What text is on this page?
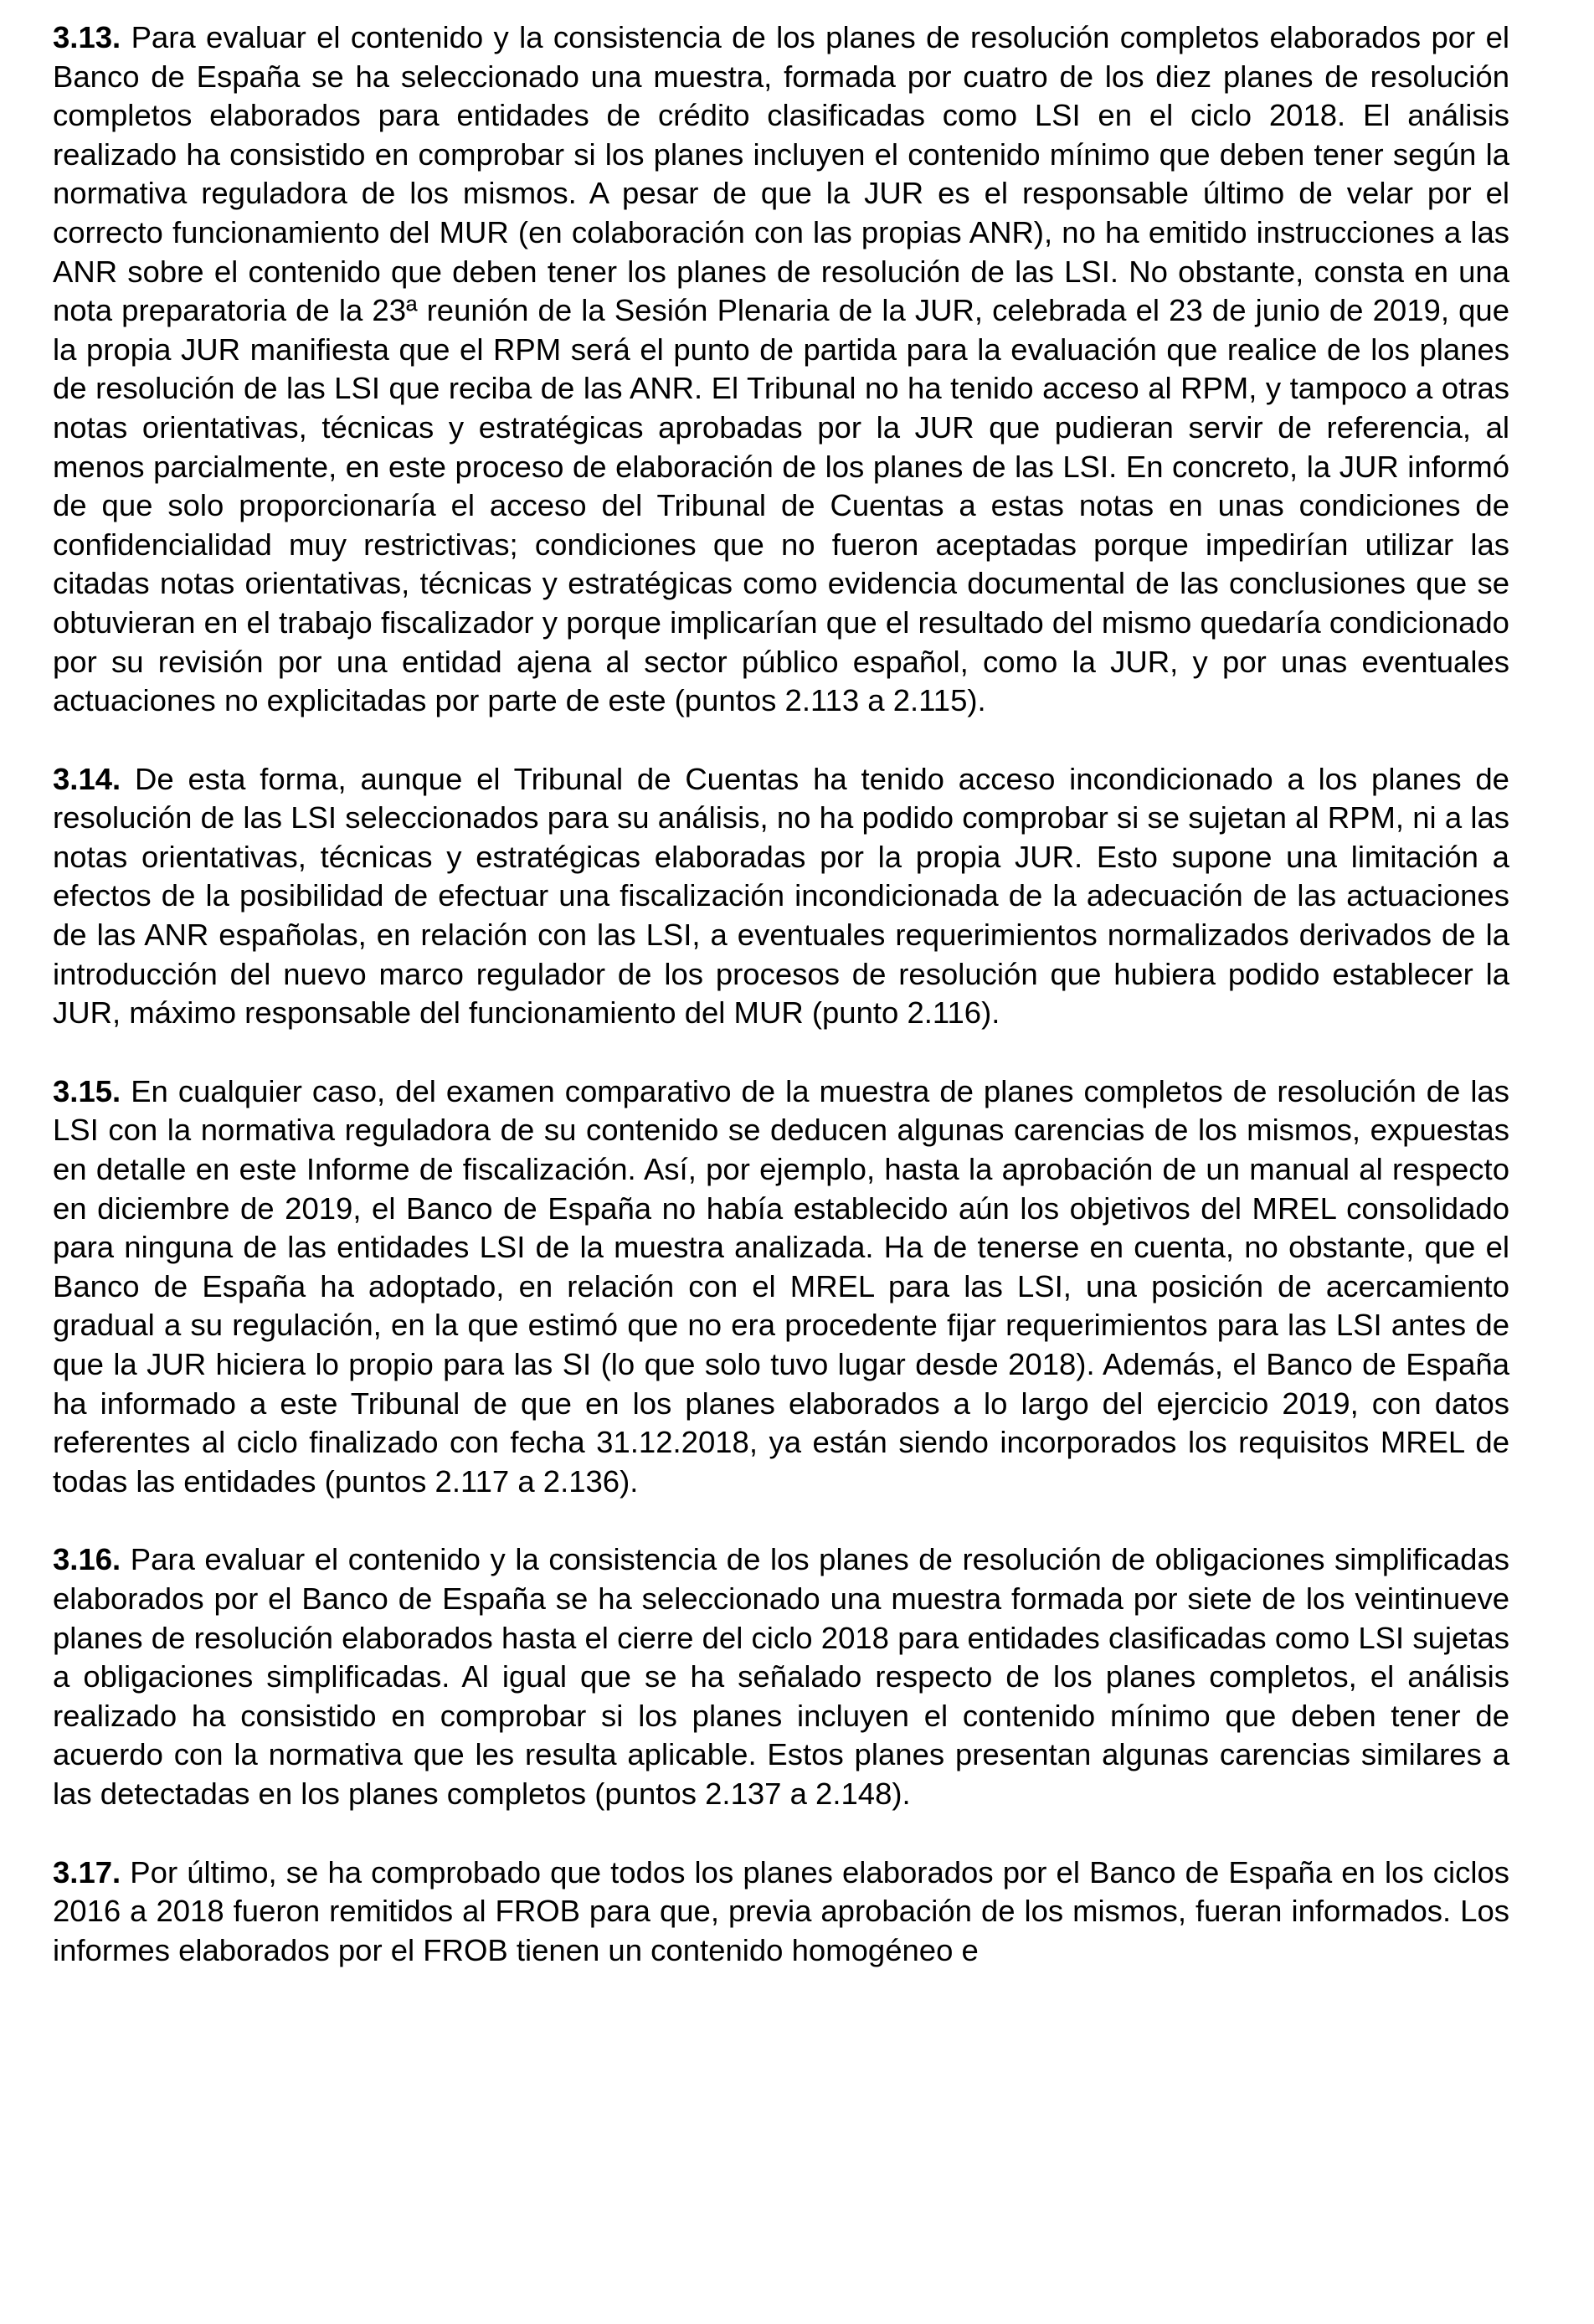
3.13. Para evaluar el contenido y la consistencia de los planes de resolución completos elaborados por el Banco de España se ha seleccionado una muestra, formada por cuatro de los diez planes de resolución completos elaborados para entidades de crédito clasificadas como LSI en el ciclo 2018. El análisis realizado ha consistido en comprobar si los planes incluyen el contenido mínimo que deben tener según la normativa reguladora de los mismos. A pesar de que la JUR es el responsable último de velar por el correcto funcionamiento del MUR (en colaboración con las propias ANR), no ha emitido instrucciones a las ANR sobre el contenido que deben tener los planes de resolución de las LSI. No obstante, consta en una nota preparatoria de la 23ª reunión de la Sesión Plenaria de la JUR, celebrada el 23 de junio de 2019, que la propia JUR manifiesta que el RPM será el punto de partida para la evaluación que realice de los planes de resolución de las LSI que reciba de las ANR. El Tribunal no ha tenido acceso al RPM, y tampoco a otras notas orientativas, técnicas y estratégicas aprobadas por la JUR que pudieran servir de referencia, al menos parcialmente, en este proceso de elaboración de los planes de las LSI. En concreto, la JUR informó de que solo proporcionaría el acceso del Tribunal de Cuentas a estas notas en unas condiciones de confidencialidad muy restrictivas; condiciones que no fueron aceptadas porque impedirían utilizar las citadas notas orientativas, técnicas y estratégicas como evidencia documental de las conclusiones que se obtuvieran en el trabajo fiscalizador y porque implicarían que el resultado del mismo quedaría condicionado por su revisión por una entidad ajena al sector público español, como la JUR, y por unas eventuales actuaciones no explicitadas por parte de este (puntos 2.113 a 2.115).

3.14. De esta forma, aunque el Tribunal de Cuentas ha tenido acceso incondicionado a los planes de resolución de las LSI seleccionados para su análisis, no ha podido comprobar si se sujetan al RPM, ni a las notas orientativas, técnicas y estratégicas elaboradas por la propia JUR. Esto supone una limitación a efectos de la posibilidad de efectuar una fiscalización incondicionada de la adecuación de las actuaciones de las ANR españolas, en relación con las LSI, a eventuales requerimientos normalizados derivados de la introducción del nuevo marco regulador de los procesos de resolución que hubiera podido establecer la JUR, máximo responsable del funcionamiento del MUR (punto 2.116).

3.15. En cualquier caso, del examen comparativo de la muestra de planes completos de resolución de las LSI con la normativa reguladora de su contenido se deducen algunas carencias de los mismos, expuestas en detalle en este Informe de fiscalización. Así, por ejemplo, hasta la aprobación de un manual al respecto en diciembre de 2019, el Banco de España no había establecido aún los objetivos del MREL consolidado para ninguna de las entidades LSI de la muestra analizada. Ha de tenerse en cuenta, no obstante, que el Banco de España ha adoptado, en relación con el MREL para las LSI, una posición de acercamiento gradual a su regulación, en la que estimó que no era procedente fijar requerimientos para las LSI antes de que la JUR hiciera lo propio para las SI (lo que solo tuvo lugar desde 2018). Además, el Banco de España ha informado a este Tribunal de que en los planes elaborados a lo largo del ejercicio 2019, con datos referentes al ciclo finalizado con fecha 31.12.2018, ya están siendo incorporados los requisitos MREL de todas las entidades (puntos 2.117 a 2.136).

3.16. Para evaluar el contenido y la consistencia de los planes de resolución de obligaciones simplificadas elaborados por el Banco de España se ha seleccionado una muestra formada por siete de los veintinueve planes de resolución elaborados hasta el cierre del ciclo 2018 para entidades clasificadas como LSI sujetas a obligaciones simplificadas. Al igual que se ha señalado respecto de los planes completos, el análisis realizado ha consistido en comprobar si los planes incluyen el contenido mínimo que deben tener de acuerdo con la normativa que les resulta aplicable. Estos planes presentan algunas carencias similares a las detectadas en los planes completos (puntos 2.137 a 2.148).

3.17. Por último, se ha comprobado que todos los planes elaborados por el Banco de España en los ciclos 2016 a 2018 fueron remitidos al FROB para que, previa aprobación de los mismos, fueran informados. Los informes elaborados por el FROB tienen un contenido homogéneo e
